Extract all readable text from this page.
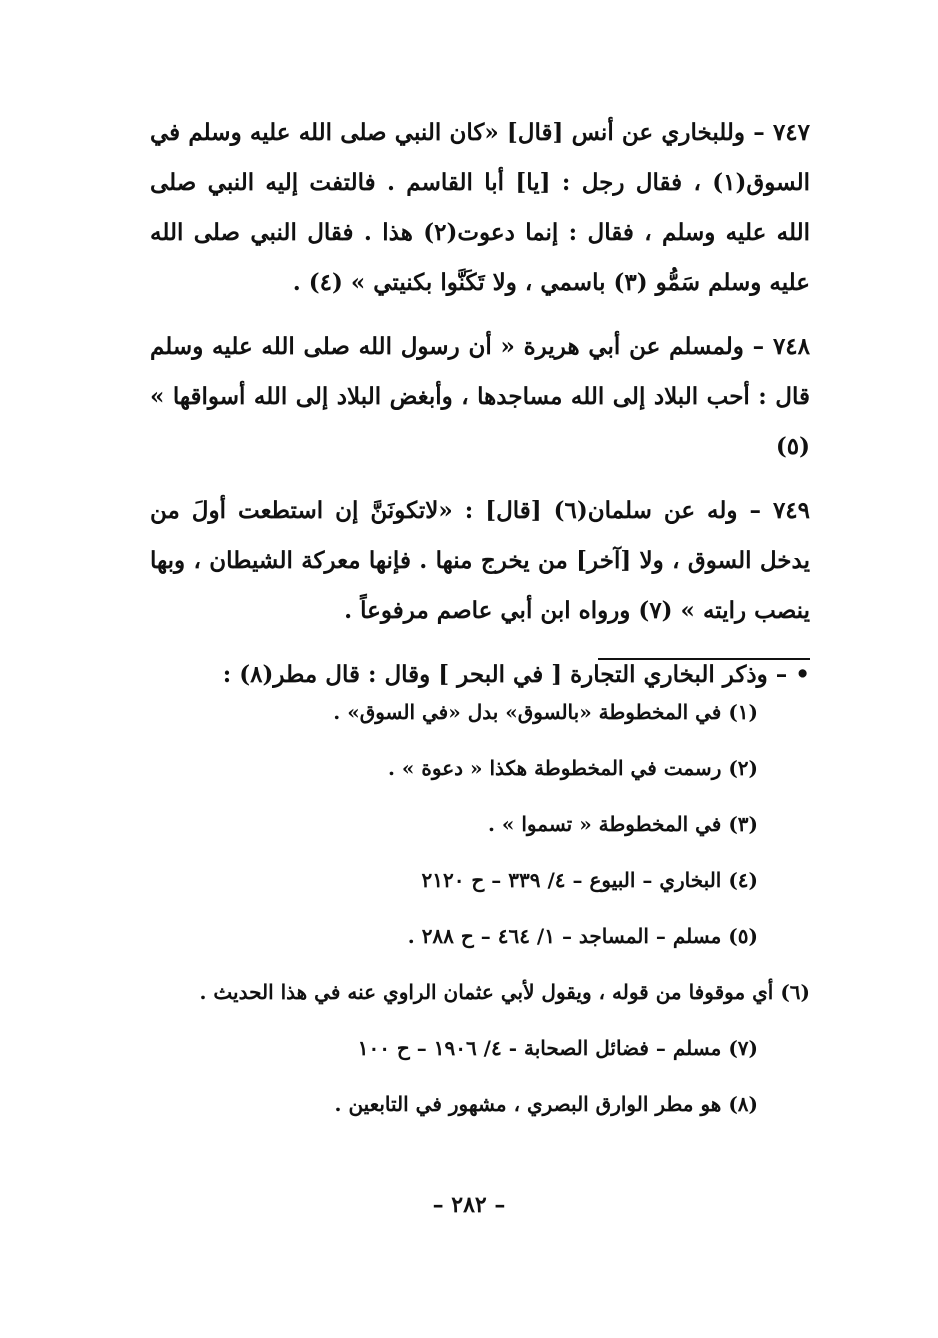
٧٤٧ – وللبخاري عن أنس [قال] «كان النبي صلى الله عليه وسلم في السوق(١) ، فقال رجل : [يا] أبا القاسم . فالتفت إليه النبي صلى الله عليه وسلم ، فقال : إنما دعوت(٢) هذا . فقال النبي صلى الله عليه وسلم سَمُّو (٣) باسمي ، ولا تَكَنَّوا بكنيتي » (٤) .

٧٤٨ – ولمسلم عن أبي هريرة « أن رسول الله صلى الله عليه وسلم قال : أحب البلاد إلى الله مساجدها ، وأبغض البلاد إلى الله أسواقها » (٥)

٧٤٩ – وله عن سلمان(٦) [قال] : «لاتكونَنَّ إن استطعت أولَ من يدخل السوق ، ولا [آخر] من يخرج منها . فإنها معركة الشيطان ، وبها ينصب رايته » (٧) ورواه ابن أبي عاصم مرفوعاً .

• – وذكر البخاري التجارة [ في البحر ] وقال : قال مطر(٨) :

(١) في المخطوطة «بالسوق» بدل «في السوق» .

(٢) رسمت في المخطوطة هكذا « دعوة » .

(٣) في المخطوطة « تسموا » .

(٤) البخاري – البيوع – ٤/ ٣٣٩ – ح ٢١٢٠

(٥) مسلم – المساجد – ١/ ٤٦٤ – ح ٢٨٨ .

(٦) أي موقوفا من قوله ، ويقول لأبي عثمان الراوي عنه في هذا الحديث .

(٧) مسلم – فضائل الصحابة - ٤/ ١٩٠٦ – ح ١٠٠

(٨) هو مطر الوارق البصري ، مشهور في التابعين .

– ٢٨٢ –
